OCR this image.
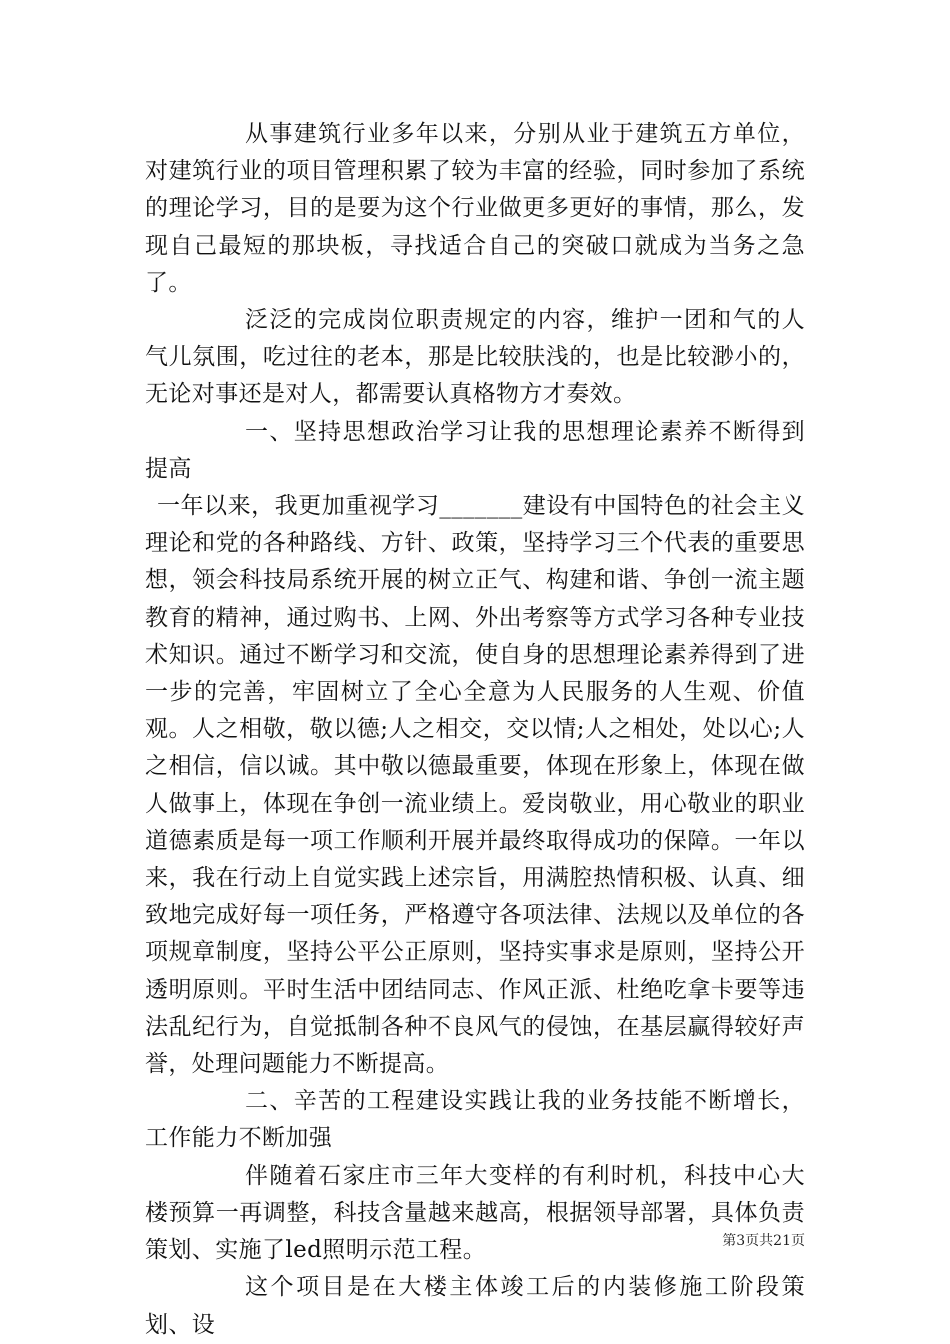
从事建筑行业多年以来，分别从业于建筑五方单位，对建筑行业的项目管理积累了较为丰富的经验，同时参加了系统的理论学习，目的是要为这个行业做更多更好的事情，那么，发现自己最短的那块板，寻找适合自己的突破口就成为当务之急了。

泛泛的完成岗位职责规定的内容，维护一团和气的人气儿氛围，吃过往的老本，那是比较肤浅的，也是比较渺小的，无论对事还是对人，都需要认真格物方才奏效。

一、坚持思想政治学习让我的思想理论素养不断得到提高

一年以来，我更加重视学习_______建设有中国特色的社会主义理论和党的各种路线、方针、政策，坚持学习三个代表的重要思想，领会科技局系统开展的树立正气、构建和谐、争创一流主题教育的精神，通过购书、上网、外出考察等方式学习各种专业技术知识。通过不断学习和交流，使自身的思想理论素养得到了进一步的完善，牢固树立了全心全意为人民服务的人生观、价值观。人之相敬，敬以德;人之相交，交以情;人之相处，处以心;人之相信，信以诚。其中敬以德最重要，体现在形象上，体现在做人做事上，体现在争创一流业绩上。爱岗敬业，用心敬业的职业道德素质是每一项工作顺利开展并最终取得成功的保障。一年以来，我在行动上自觉实践上述宗旨，用满腔热情积极、认真、细致地完成好每一项任务，严格遵守各项法律、法规以及单位的各项规章制度，坚持公平公正原则，坚持实事求是原则，坚持公开透明原则。平时生活中团结同志、作风正派、杜绝吃拿卡要等违法乱纪行为，自觉抵制各种不良风气的侵蚀，在基层赢得较好声誉，处理问题能力不断提高。

二、辛苦的工程建设实践让我的业务技能不断增长，工作能力不断加强

伴随着石家庄市三年大变样的有利时机，科技中心大楼预算一再调整，科技含量越来越高，根据领导部署，具体负责策划、实施了led照明示范工程。

这个项目是在大楼主体竣工后的内装修施工阶段策划、设

第3页共21页
